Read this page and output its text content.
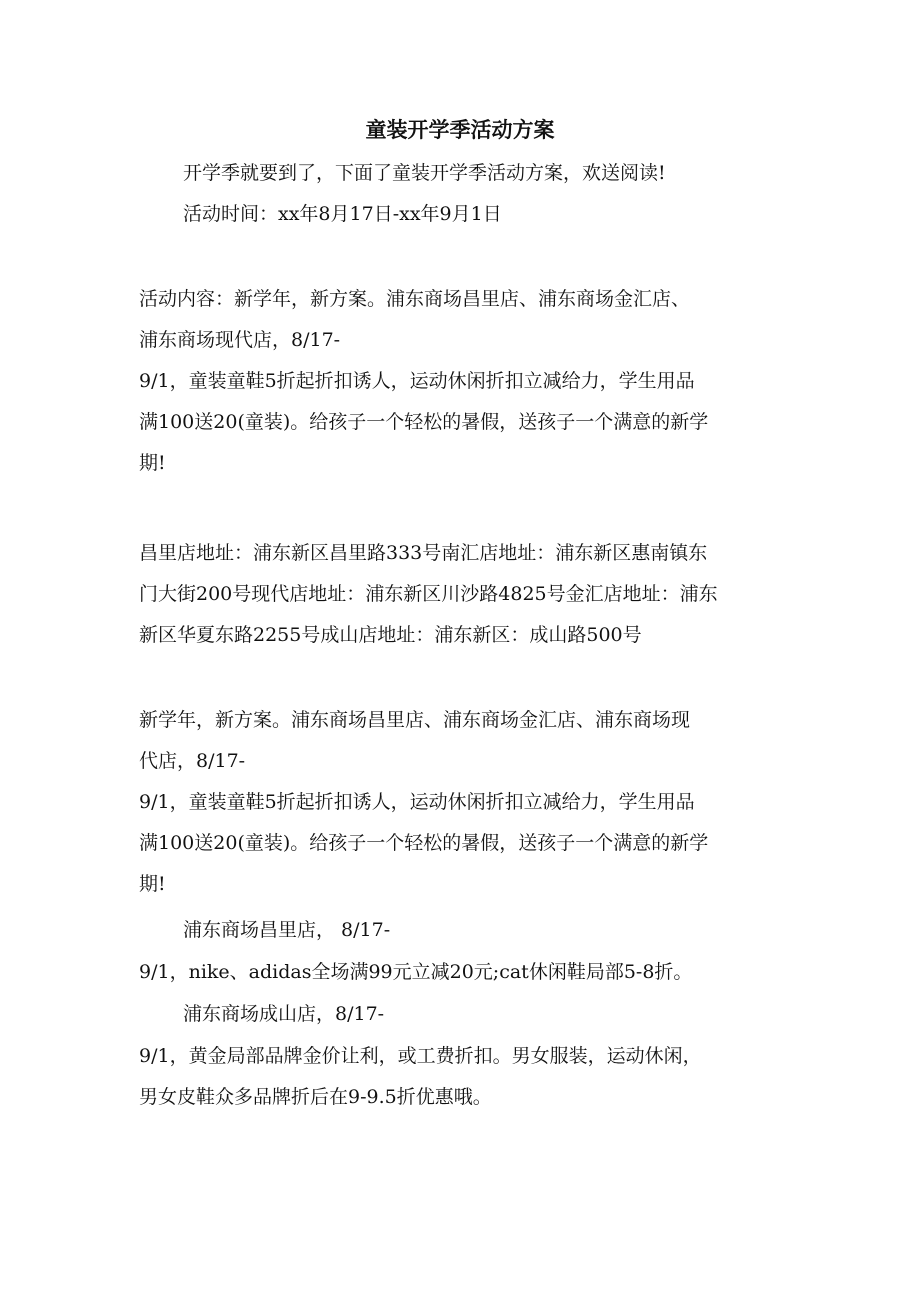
童装开学季活动方案

开学季就要到了，下面了童装开学季活动方案，欢送阅读!

活动时间：xx年8月17日-xx年9月1日

活动内容：新学年，新方案。浦东商场昌里店、浦东商场金汇店、
浦东商场现代店，8/17-
9/1，童装童鞋5折起折扣诱人，运动休闲折扣立减给力，学生用品
满100送20(童装)。给孩子一个轻松的暑假，送孩子一个满意的新学
期!
昌里店地址：浦东新区昌里路333号南汇店地址：浦东新区惠南镇东
门大街200号现代店地址：浦东新区川沙路4825号金汇店地址：浦东
新区华夏东路2255号成山店地址：浦东新区：成山路500号
新学年，新方案。浦东商场昌里店、浦东商场金汇店、浦东商场现
代店，8/17-
9/1，童装童鞋5折起折扣诱人，运动休闲折扣立减给力，学生用品
满100送20(童装)。给孩子一个轻松的暑假，送孩子一个满意的新学
期!

浦东商场昌里店， 8/17-

9/1，nike、adidas全场满99元立减20元;cat休闲鞋局部5-8折。

浦东商场成山店，8/17-

9/1，黄金局部品牌金价让利，或工费折扣。男女服装，运动休闲，
男女皮鞋众多品牌折后在9-9.5折优惠哦。
